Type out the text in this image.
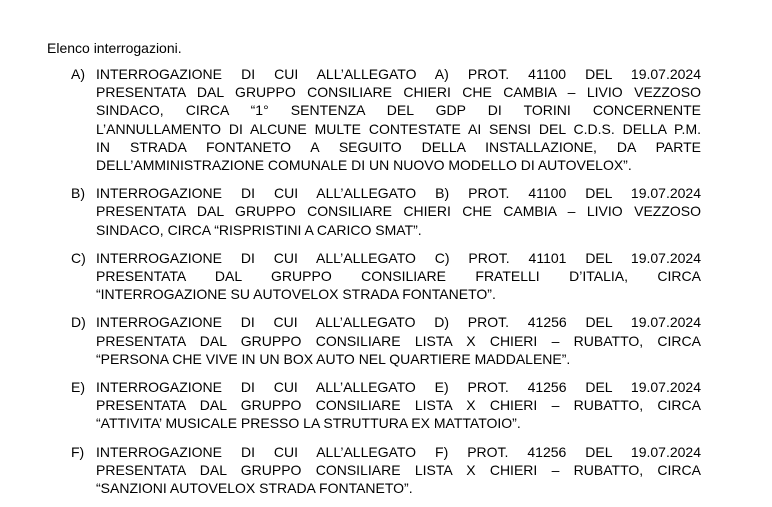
Elenco interrogazioni.
A) INTERROGAZIONE DI CUI ALL’ALLEGATO A) PROT. 41100 DEL 19.07.2024
PRESENTATA DAL GRUPPO CONSILIARE CHIERI CHE CAMBIA – LIVIO VEZZOSO
SINDACO, CIRCA “1° SENTENZA DEL GDP DI TORINI CONCERNENTE
L’ANNULLAMENTO DI ALCUNE MULTE CONTESTATE AI SENSI DEL C.D.S. DELLA P.M.
IN STRADA FONTANETO A SEGUITO DELLA INSTALLAZIONE, DA PARTE
DELL’AMMINISTRAZIONE COMUNALE DI UN NUOVO MODELLO DI AUTOVELOX”.
B) INTERROGAZIONE DI CUI ALL’ALLEGATO B) PROT. 41100 DEL 19.07.2024
PRESENTATA DAL GRUPPO CONSILIARE CHIERI CHE CAMBIA – LIVIO VEZZOSO
SINDACO, CIRCA “RISPRISTINI A CARICO SMAT”.
C) INTERROGAZIONE DI CUI ALL’ALLEGATO C) PROT. 41101 DEL 19.07.2024
PRESENTATA DAL GRUPPO CONSILIARE FRATELLI D’ITALIA, CIRCA
“INTERROGAZIONE SU AUTOVELOX STRADA FONTANETO”.
D) INTERROGAZIONE DI CUI ALL’ALLEGATO D) PROT. 41256 DEL 19.07.2024
PRESENTATA DAL GRUPPO CONSILIARE LISTA X CHIERI – RUBATTO, CIRCA
“PERSONA CHE VIVE IN UN BOX AUTO NEL QUARTIERE MADDALENE”.
E) INTERROGAZIONE DI CUI ALL’ALLEGATO E) PROT. 41256 DEL 19.07.2024
PRESENTATA DAL GRUPPO CONSILIARE LISTA X CHIERI – RUBATTO, CIRCA
“ATTIVITA’ MUSICALE PRESSO LA STRUTTURA EX MATTATOIO”.
F) INTERROGAZIONE DI CUI ALL’ALLEGATO F) PROT. 41256 DEL 19.07.2024
PRESENTATA DAL GRUPPO CONSILIARE LISTA X CHIERI – RUBATTO, CIRCA
“SANZIONI AUTOVELOX STRADA FONTANETO”.
